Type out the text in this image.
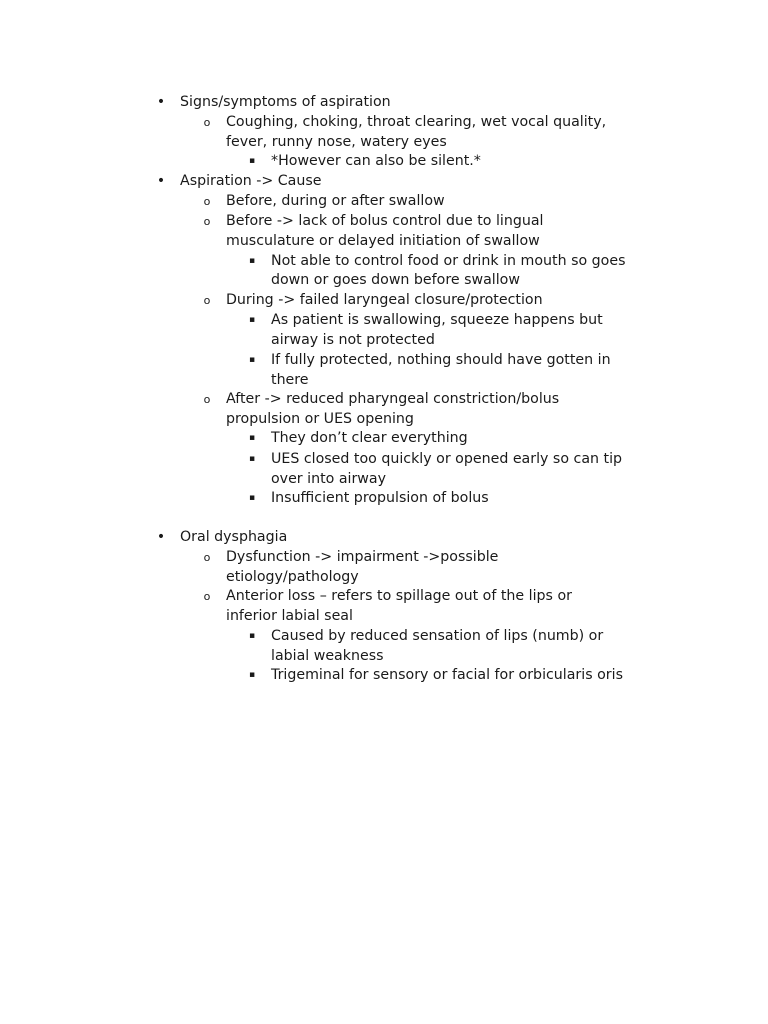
• Signs/symptoms of aspiration
o Coughing, choking, throat clearing, wet vocal quality,
fever, runny nose, watery eyes
▪ *However can also be silent.*
• Aspiration -> Cause
o Before, during or after swallow
o Before -> lack of bolus control due to lingual
musculature or delayed initiation of swallow
▪ Not able to control food or drink in mouth so goes
down or goes down before swallow
o During -> failed laryngeal closure/protection
▪ As patient is swallowing, squeeze happens but
airway is not protected
▪ If fully protected, nothing should have gotten in
there
o After -> reduced pharyngeal constriction/bolus
propulsion or UES opening
▪ They don’t clear everything
▪ UES closed too quickly or opened early so can tip
over into airway
▪ Insufficient propulsion of bolus
• Oral dysphagia
o Dysfunction -> impairment ->possible
etiology/pathology
o Anterior loss – refers to spillage out of the lips or
inferior labial seal
▪ Caused by reduced sensation of lips (numb) or
labial weakness
▪ Trigeminal for sensory or facial for orbicularis oris
